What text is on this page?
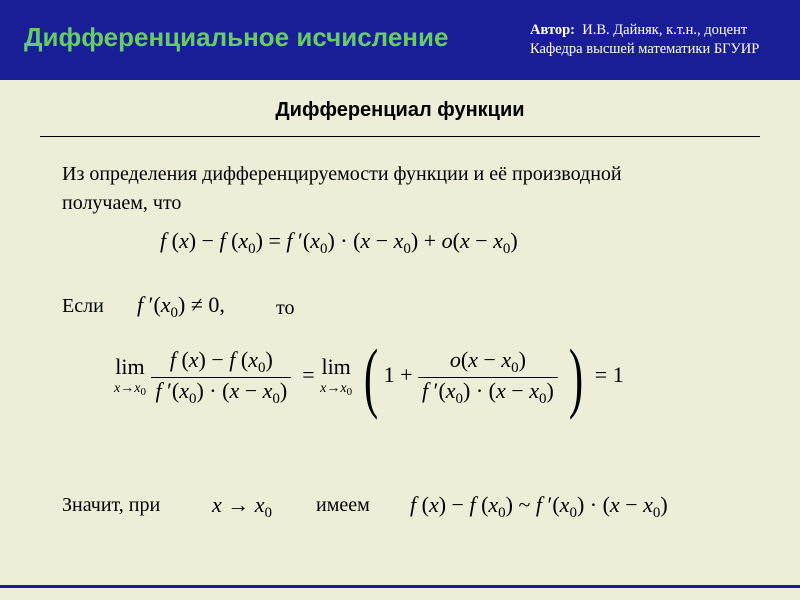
Дифференциальное исчисление	Автор: И.В. Дайняк, к.т.н., доцент
Кафедра высшей математики БГУИР
Дифференциал функции
Из определения дифференцируемости функции и её производной
получаем, что
f (x) − f $(x_0) = f$ $'(x_0) \cdot (x - x_0) + o(x - x_0)$
Если f $'(x_0) \ne 0$,	то
lim
$x\to x_0$
$\frac{f (x) - f (x_0)}{f '(x_0) \cdot (x - x_0)} = \lim$
$x\to x_0$ ( $1 + \frac{o(x - x_0)}{f '(x_0) \cdot (x - x_0)}$ ) = 1
Значит, при $x \to x_0$ имеем f (x) − f $(x_0)$ ~ f $'(x_0) \cdot (x - x_0)$
